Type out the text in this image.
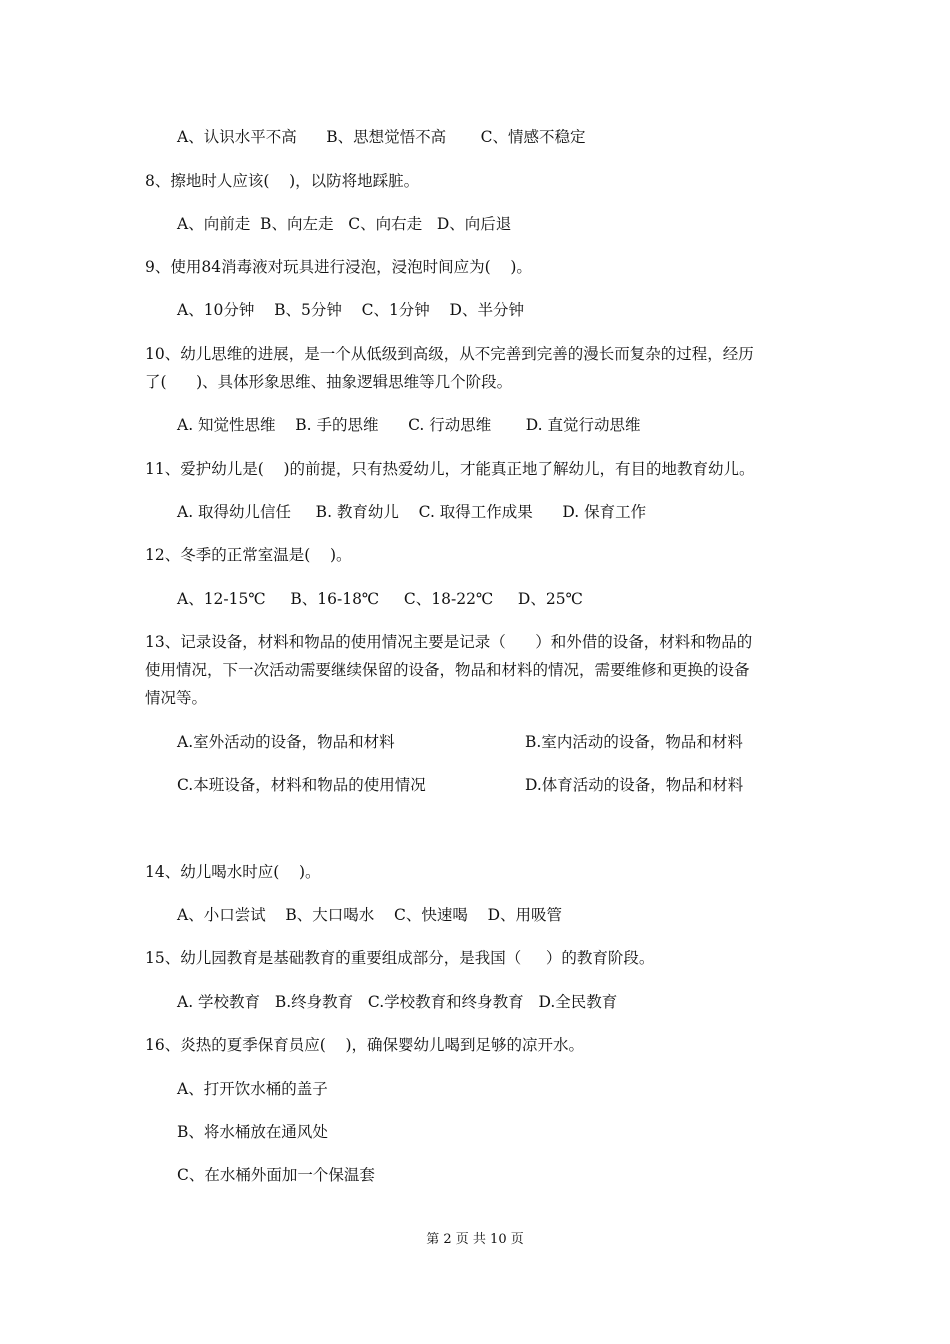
A、认识水平不高      B、思想觉悟不高       C、情感不稳定
8、擦地时人应该(    )，以防将地踩脏。
A、向前走  B、向左走   C、向右走   D、向后退
9、使用84消毒液对玩具进行浸泡，浸泡时间应为(    )。
A、10分钟    B、5分钟    C、1分钟    D、半分钟
10、幼儿思维的进展，是一个从低级到高级，从不完善到完善的漫长而复杂的过程，经历
了(      )、具体形象思维、抽象逻辑思维等几个阶段。
A. 知觉性思维    B. 手的思维      C. 行动思维       D. 直觉行动思维
11、爱护幼儿是(    )的前提，只有热爱幼儿，才能真正地了解幼儿，有目的地教育幼儿。
A. 取得幼儿信任     B. 教育幼儿    C. 取得工作成果      D. 保育工作
12、冬季的正常室温是(    )。
A、12-15℃     B、16-18℃     C、18-22℃     D、25℃
13、记录设备，材料和物品的使用情况主要是记录（      ）和外借的设备，材料和物品的
使用情况，下一次活动需要继续保留的设备，物品和材料的情况，需要维修和更换的设备
情况等。
A.室外活动的设备，物品和材料	B.室内活动的设备，物品和材料
C.本班设备，材料和物品的使用情况	D.体育活动的设备，物品和材料
14、幼儿喝水时应(    )。
A、小口尝试    B、大口喝水    C、快速喝    D、用吸管
15、幼儿园教育是基础教育的重要组成部分，是我国（     ）的教育阶段。
A. 学校教育   B.终身教育   C.学校教育和终身教育   D.全民教育
16、炎热的夏季保育员应(    )，确保婴幼儿喝到足够的凉开水。
A、打开饮水桶的盖子
B、将水桶放在通风处
C、在水桶外面加一个保温套
第 2 页 共 10 页
